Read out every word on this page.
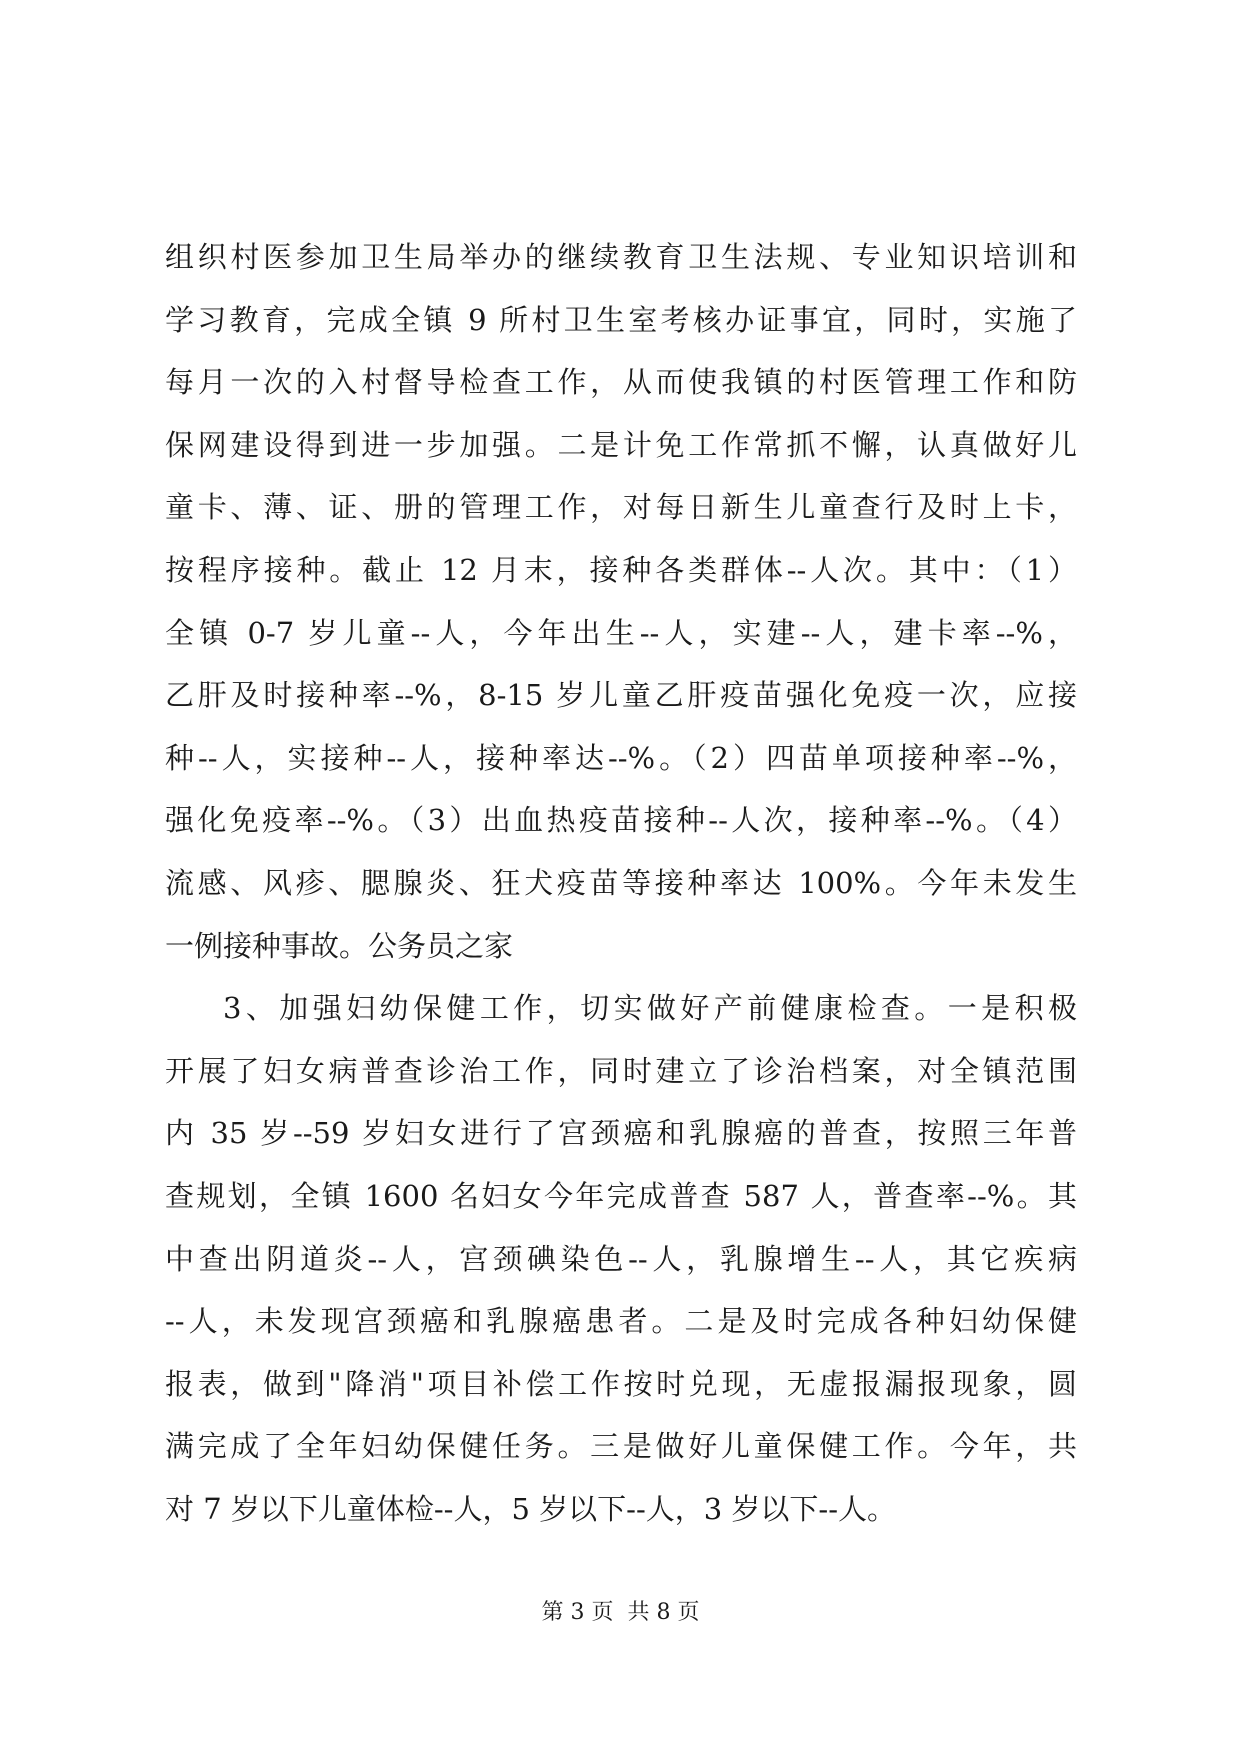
组织村医参加卫生局举办的继续教育卫生法规、专业知识培训和
学习教育，完成全镇 9 所村卫生室考核办证事宜，同时，实施了
每月一次的入村督导检查工作，从而使我镇的村医管理工作和防
保网建设得到进一步加强。二是计免工作常抓不懈，认真做好儿
童卡、薄、证、册的管理工作，对每日新生儿童查行及时上卡，
按程序接种。截止 12 月末，接种各类群体--人次。其中：（1）
全镇 0-7 岁儿童--人，今年出生--人，实建--人，建卡率--%，
乙肝及时接种率--%，8-15 岁儿童乙肝疫苗强化免疫一次，应接
种--人，实接种--人，接种率达--%。（2）四苗单项接种率--%，
强化免疫率--%。（3）出血热疫苗接种--人次，接种率--%。（4）
流感、风疹、腮腺炎、狂犬疫苗等接种率达 100%。今年未发生
一例接种事故。公务员之家
3、加强妇幼保健工作，切实做好产前健康检查。一是积极
开展了妇女病普查诊治工作，同时建立了诊治档案，对全镇范围
内 35 岁--59 岁妇女进行了宫颈癌和乳腺癌的普查，按照三年普
查规划，全镇 1600 名妇女今年完成普查 587 人，普查率--%。其
中查出阴道炎--人，宫颈碘染色--人，乳腺增生--人，其它疾病
--人，未发现宫颈癌和乳腺癌患者。二是及时完成各种妇幼保健
报表，做到"降消"项目补偿工作按时兑现，无虚报漏报现象，圆
满完成了全年妇幼保健任务。三是做好儿童保健工作。今年，共
对 7 岁以下儿童体检--人，5 岁以下--人，3 岁以下--人。
第 3 页 共 8 页
